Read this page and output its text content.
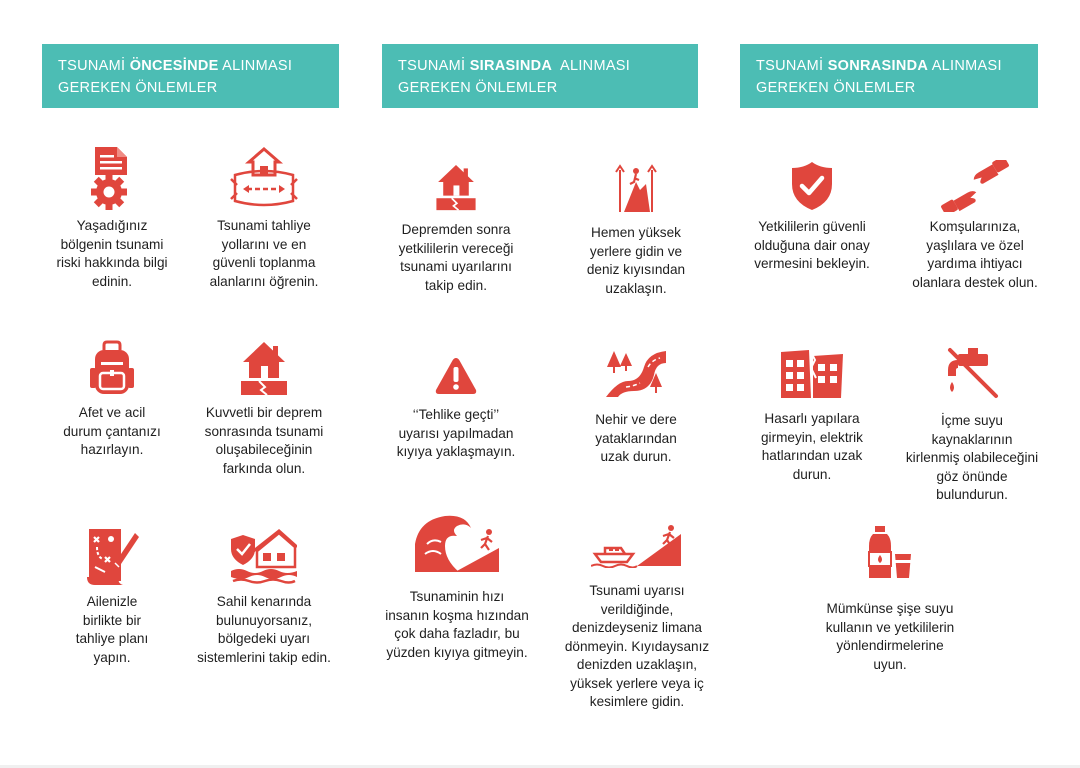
TSUNAMİ ÖNCESİNDE ALINMASI
GEREKEN ÖNLEMLER
TSUNAMİ SIRASINDA  ALINMASI
GEREKEN ÖNLEMLER
TSUNAMİ SONRASINDA ALINMASI
GEREKEN ÖNLEMLER
Yaşadığınız
bölgenin tsunami
riski hakkında bilgi
edinin.
Tsunami tahliye
yollarını ve en
güvenli toplanma
alanlarını öğrenin.
Afet ve acil
durum çantanızı
hazırlayın.
Kuvvetli bir deprem
sonrasında tsunami
oluşabileceğinin
farkında olun.
Ailenizle
birlikte bir
tahliye planı
yapın.
Sahil kenarında
bulunuyorsanız,
bölgedeki uyarı
sistemlerini takip edin.
Depremden sonra
yetkililerin vereceği
tsunami uyarılarını
takip edin.
Hemen yüksek
yerlere gidin ve
deniz kıyısından
uzaklaşın.
‘‘Tehlike geçti’’
uyarısı yapılmadan
kıyıya yaklaşmayın.
Nehir ve dere
yataklarından
uzak durun.
Tsunaminin hızı
insanın koşma hızından
çok daha fazladır, bu
yüzden kıyıya gitmeyin.
Tsunami uyarısı
verildiğinde,
denizdeyseniz limana
dönmeyin. Kıyıdaysanız
denizden uzaklaşın,
yüksek yerlere veya iç
kesimlere gidin.
Yetkililerin güvenli
olduğuna dair onay
vermesini bekleyin.
Komşularınıza,
yaşlılara ve özel
yardıma ihtiyacı
olanlara destek olun.
Hasarlı yapılara
girmeyin, elektrik
hatlarından uzak
durun.
İçme suyu
kaynaklarının
kirlenmiş olabileceğini
göz önünde
bulundurun.
Mümkünse şişe suyu
kullanın ve yetkililerin
yönlendirmelerine
uyun.
